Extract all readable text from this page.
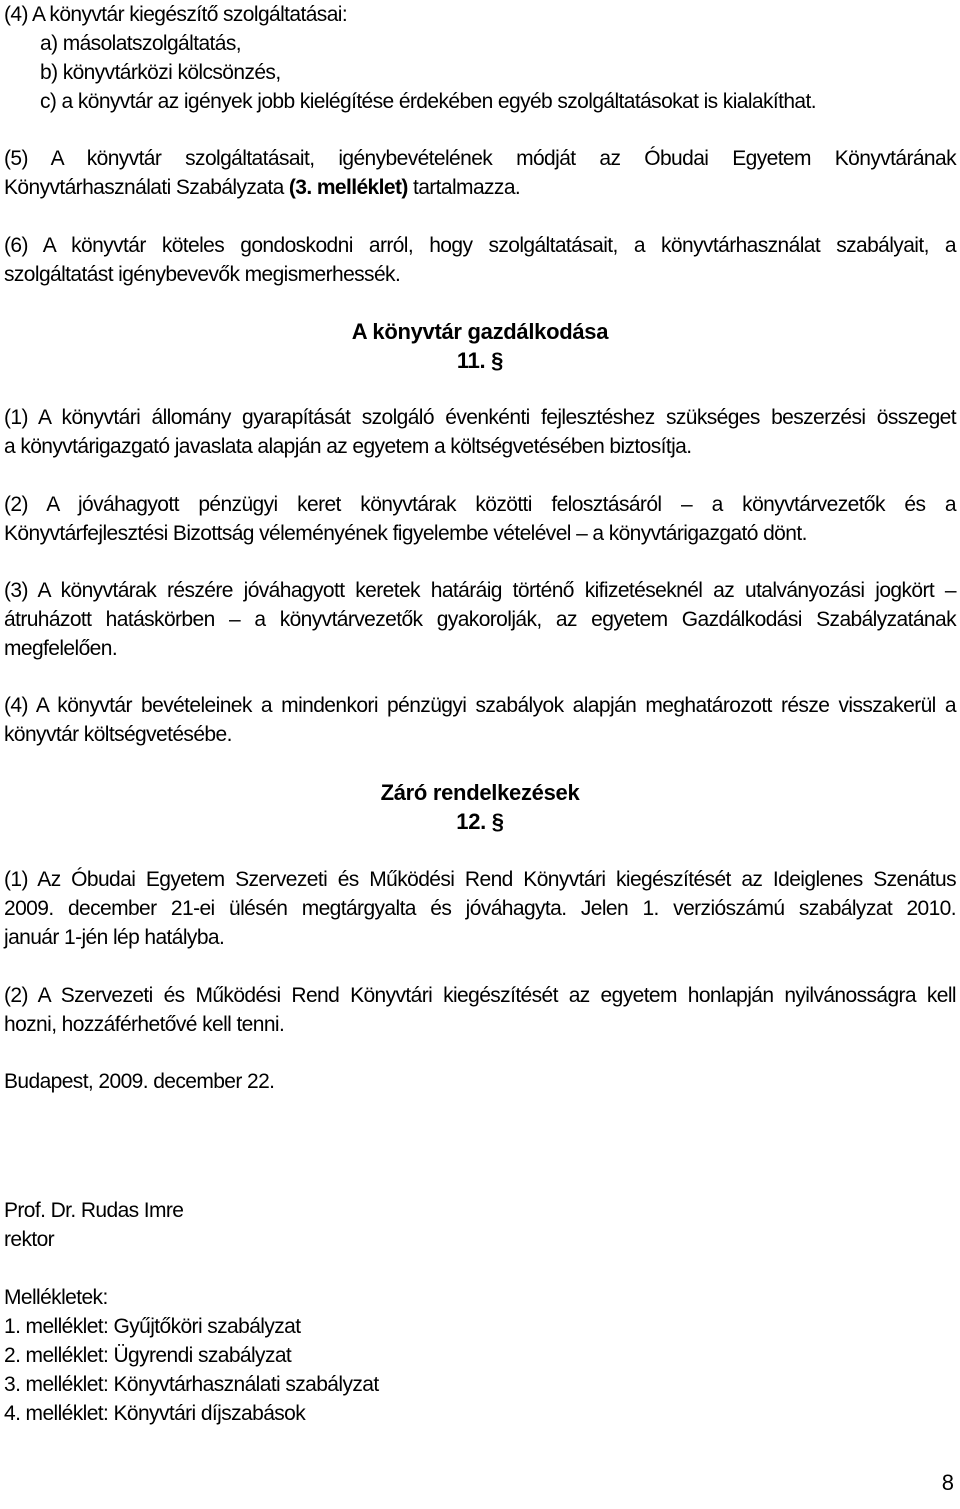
(4) A könyvtár kiegészítő szolgáltatásai:
a) másolatszolgáltatás,
b) könyvtárközi kölcsönzés,
c) a könyvtár az igények jobb kielégítése érdekében egyéb szolgáltatásokat is kialakíthat.
(5) A könyvtár szolgáltatásait, igénybevételének módját az Óbudai Egyetem Könyvtárának
Könyvtárhasználati Szabályzata (3. melléklet) tartalmazza.
(6) A könyvtár köteles gondoskodni arról, hogy szolgáltatásait, a könyvtárhasználat szabályait, a
szolgáltatást igénybevevők megismerhessék.
A könyvtár gazdálkodása
11. §
(1) A könyvtári állomány gyarapítását szolgáló évenkénti fejlesztéshez szükséges beszerzési összeget
a könyvtárigazgató javaslata alapján az egyetem a költségvetésében biztosítja.
(2) A jóváhagyott pénzügyi keret könyvtárak közötti felosztásáról – a könyvtárvezetők és a
Könyvtárfejlesztési Bizottság véleményének figyelembe vételével – a könyvtárigazgató dönt.
(3) A könyvtárak részére jóváhagyott keretek határáig történő kifizetéseknél az utalványozási jogkört –
átruházott hatáskörben – a könyvtárvezetők gyakorolják, az egyetem Gazdálkodási Szabályzatának
megfelelően.
(4) A könyvtár bevételeinek a mindenkori pénzügyi szabályok alapján meghatározott része visszakerül a
könyvtár költségvetésébe.
Záró rendelkezések
12. §
(1) Az Óbudai Egyetem Szervezeti és Működési Rend Könyvtári kiegészítését az Ideiglenes Szenátus
2009. december 21-ei ülésén megtárgyalta és jóváhagyta. Jelen 1. verziószámú szabályzat 2010.
január 1-jén lép hatályba.
(2) A Szervezeti és Működési Rend Könyvtári kiegészítését az egyetem honlapján nyilvánosságra kell
hozni, hozzáférhetővé kell tenni.
Budapest, 2009. december 22.
Prof. Dr. Rudas Imre
rektor
Mellékletek:
1. melléklet: Gyűjtőköri szabályzat
2. melléklet: Ügyrendi szabályzat
3. melléklet: Könyvtárhasználati szabályzat
4. melléklet: Könyvtári díjszabások
8
